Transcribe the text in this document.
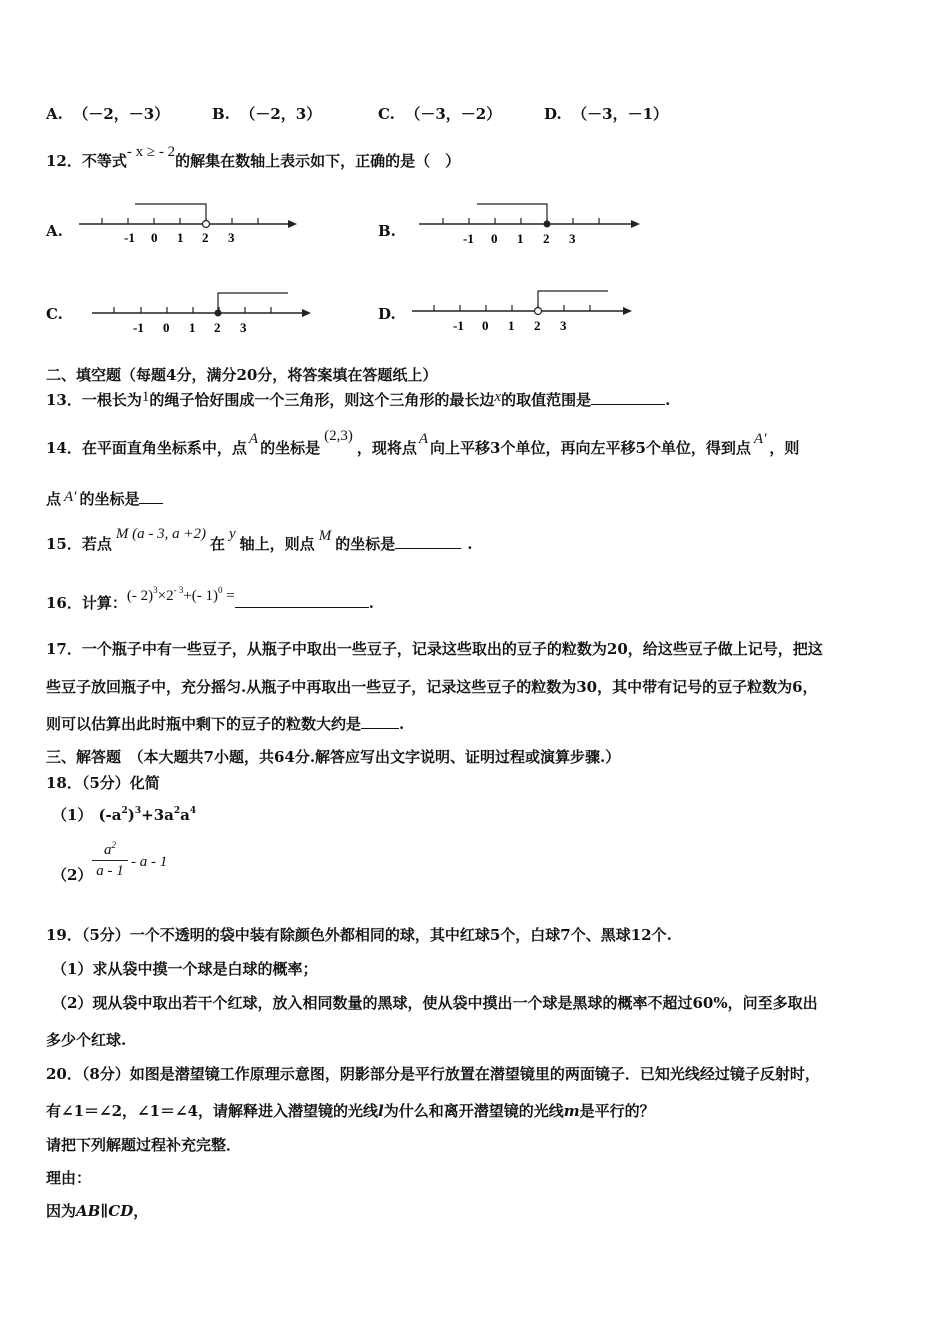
A. （－2，－3）	B. （－2，3）	C. （－3，－2）	D. （－3，－1）
12．不等式- x ≥ - 2的解集在数轴上表示如下，正确的是（　）
A.	-1 0 1 2 3	B.	-1 0 1 2 3
C.
-1 0 1 2 3
D.
-1 0 1 2 3
二、填空题（每题4分，满分20分，将答案填在答题纸上）
13．一根长为1的绳子恰好围成一个三角形，则这个三角形的最长边x的取值范围是	.
14．在平面直角坐标系中，点 A 的坐标是(2,3)，现将点 A 向上平移3个单位，再向左平移5个单位，得到点 A′ ，则
点 A′ 的坐标是
15．若点M (a - 3, a +2)在y轴上，则点 M 的坐标是	.
16．计算：(- $2)^3\times 2^{- 3}+(-$ 1)$^0$ =	.
17．一个瓶子中有一些豆子，从瓶子中取出一些豆子，记录这些取出的豆子的粒数为20，给这些豆子做上记号，把这
些豆子放回瓶子中，充分摇匀.从瓶子中再取出一些豆子，记录这些豆子的粒数为30，其中带有记号的豆子粒数为6，
则可以估算出此时瓶中剩下的豆子的粒数大约是	.
三、解答题　（本大题共7小题，共64分.解答应写出文字说明、证明过程或演算步骤.）
18．（5分）化简
（1） $(-a^2)^3+3a^2a^4$
（2）
$a^2$
a - 1
- a - 1
19．（5分）一个不透明的袋中装有除颜色外都相同的球，其中红球5个，白球7个、黑球12个.
（1）求从袋中摸一个球是白球的概率；
（2）现从袋中取出若干个红球，放入相同数量的黑球，使从袋中摸出一个球是黑球的概率不超过60%，问至多取出
多少个红球.
20．（8分）如图是潜望镜工作原理示意图，阴影部分是平行放置在潜望镜里的两面镜子．已知光线经过镜子反射时，
有∠1＝∠2，∠1＝∠4，请解释进入潜望镜的光线l为什么和离开潜望镜的光线m是平行的？
请把下列解题过程补充完整．
理由：
因为AB∥CD，
